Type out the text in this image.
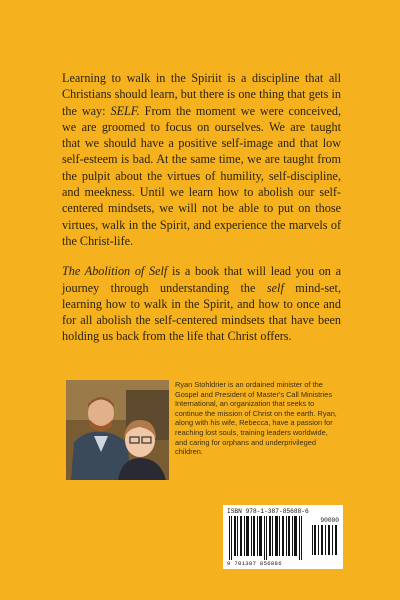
Learning to walk in the Spiriit is a discipline that all Christians should learn, but there is one thing that gets in the way: SELF. From the moment we were conceived, we are groomed to focus on ourselves. We are taught that we should have a positive self-image and that low self-esteem is bad. At the same time, we are taught from the pulpit about the virtues of humility, self-discipline, and meekness. Until we learn how to abolish our self-centered mindsets, we will not be able to put on those virtues, walk in the Spirit, and experience the marvels of the Christ-life.

The Abolition of Self is a book that will lead you on a journey through understanding the self mind-set, learning how to walk in the Spirit, and how to once and for all abolish the self-centered mindsets that have been holding us back from the life that Christ offers.

Ryan Stohldrier is an ordained minister of the Gospel and President of Master's Call Ministries International, an organization that seeks to continue the mission of Christ on the earth. Ryan, along with his wife, Rebecca, have a passion for reaching lost souls, training leaders worldwide, and caring for orphans and underprivileged children.

ISBN 978-1-387-85688-6
90000
9 781387 856886
